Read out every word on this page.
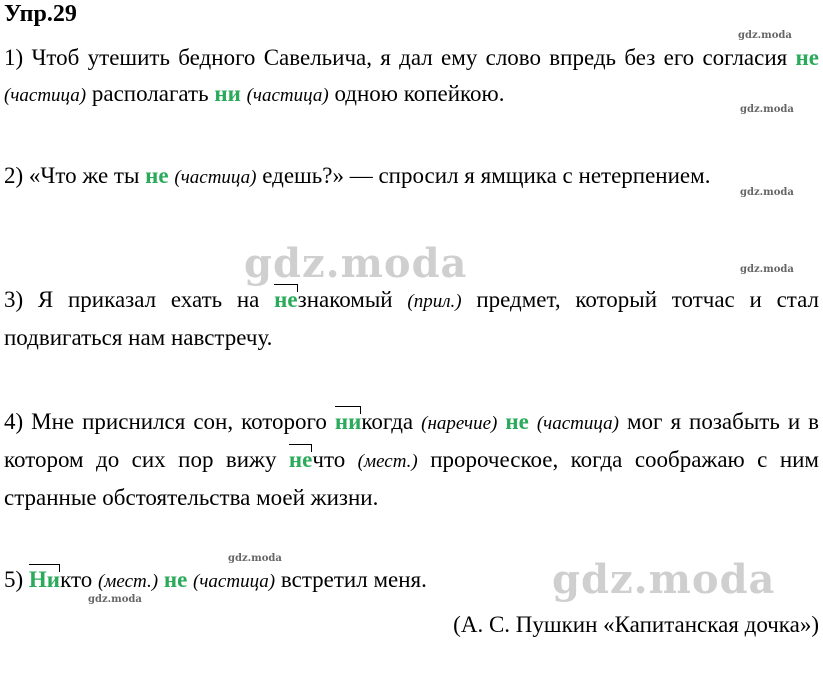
Упр.29
gdz.moda
gdz.moda
gdz.moda
gdz.moda
gdz.moda
gdz.moda
gdz.moda
gdz.moda
1) Чтоб утешить бедного Савельича, я дал ему слово впредь без его согласия не (частица) располагать ни (частица) одною копейкою.
2) «Что же ты не (частица) едешь?» — спросил я ямщика с нетерпением.
3) Я приказал ехать на незнакомый (прил.) предмет, который тотчас и стал подвигаться нам навстречу.
4) Мне приснился сон, которого никогда (наречие) не (частица) мог я позабыть и в котором до сих пор вижу нечто (мест.) пророческое, когда соображаю с ним странные обстоятельства моей жизни.
5) Никто (мест.) не (частица) встретил меня.
(А. С. Пушкин «Капитанская дочка»)
